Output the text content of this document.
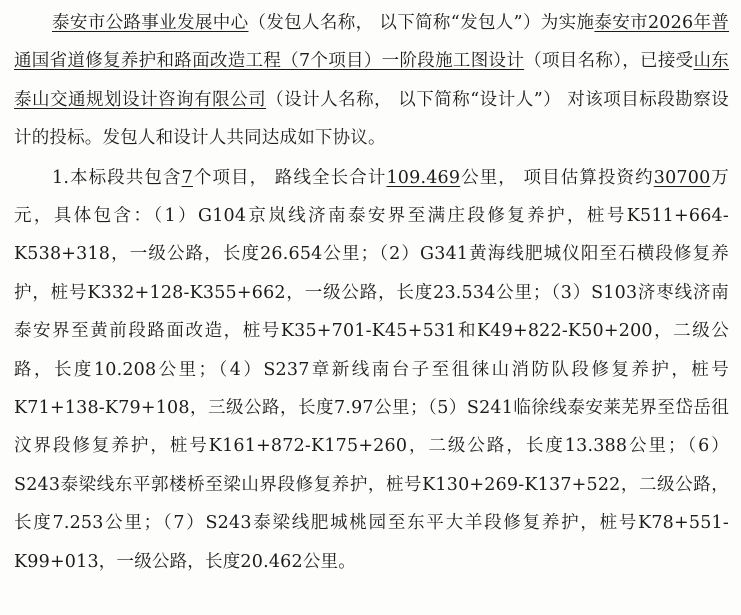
泰安市公路事业发展中心（发包人名称， 以下简称“发包人”）为实施泰安市2026年普通国省道修复养护和路面改造工程（7个项目）一阶段施工图设计（项目名称），已接受山东泰山交通规划设计咨询有限公司（设计人名称， 以下简称“设计人”） 对该项目标段勘察设计的投标。发包人和设计人共同达成如下协议。

1.本标段共包含7个项目， 路线全长合计109.469公里， 项目估算投资约30700万元，具体包含：（1）G104京岚线济南泰安界至满庄段修复养护，桩号K511+664-K538+318，一级公路，长度26.654公里；（2）G341黄海线肥城仪阳至石横段修复养护，桩号K332+128-K355+662，一级公路，长度23.534公里；（3）S103济枣线济南泰安界至黄前段路面改造，桩号K35+701-K45+531和K49+822-K50+200，二级公路，长度10.208公里；（4）S237章新线南台子至徂徕山消防队段修复养护，桩号K71+138-K79+108，三级公路，长度7.97公里；（5）S241临徐线泰安莱芜界至岱岳徂汶界段修复养护，桩号K161+872-K175+260，二级公路，长度13.388公里；（6）S243泰梁线东平郭楼桥至梁山界段修复养护，桩号K130+269-K137+522，二级公路，长度7.253公里；（7）S243泰梁线肥城桃园至东平大羊段修复养护，桩号K78+551-K99+013，一级公路，长度20.462公里。
